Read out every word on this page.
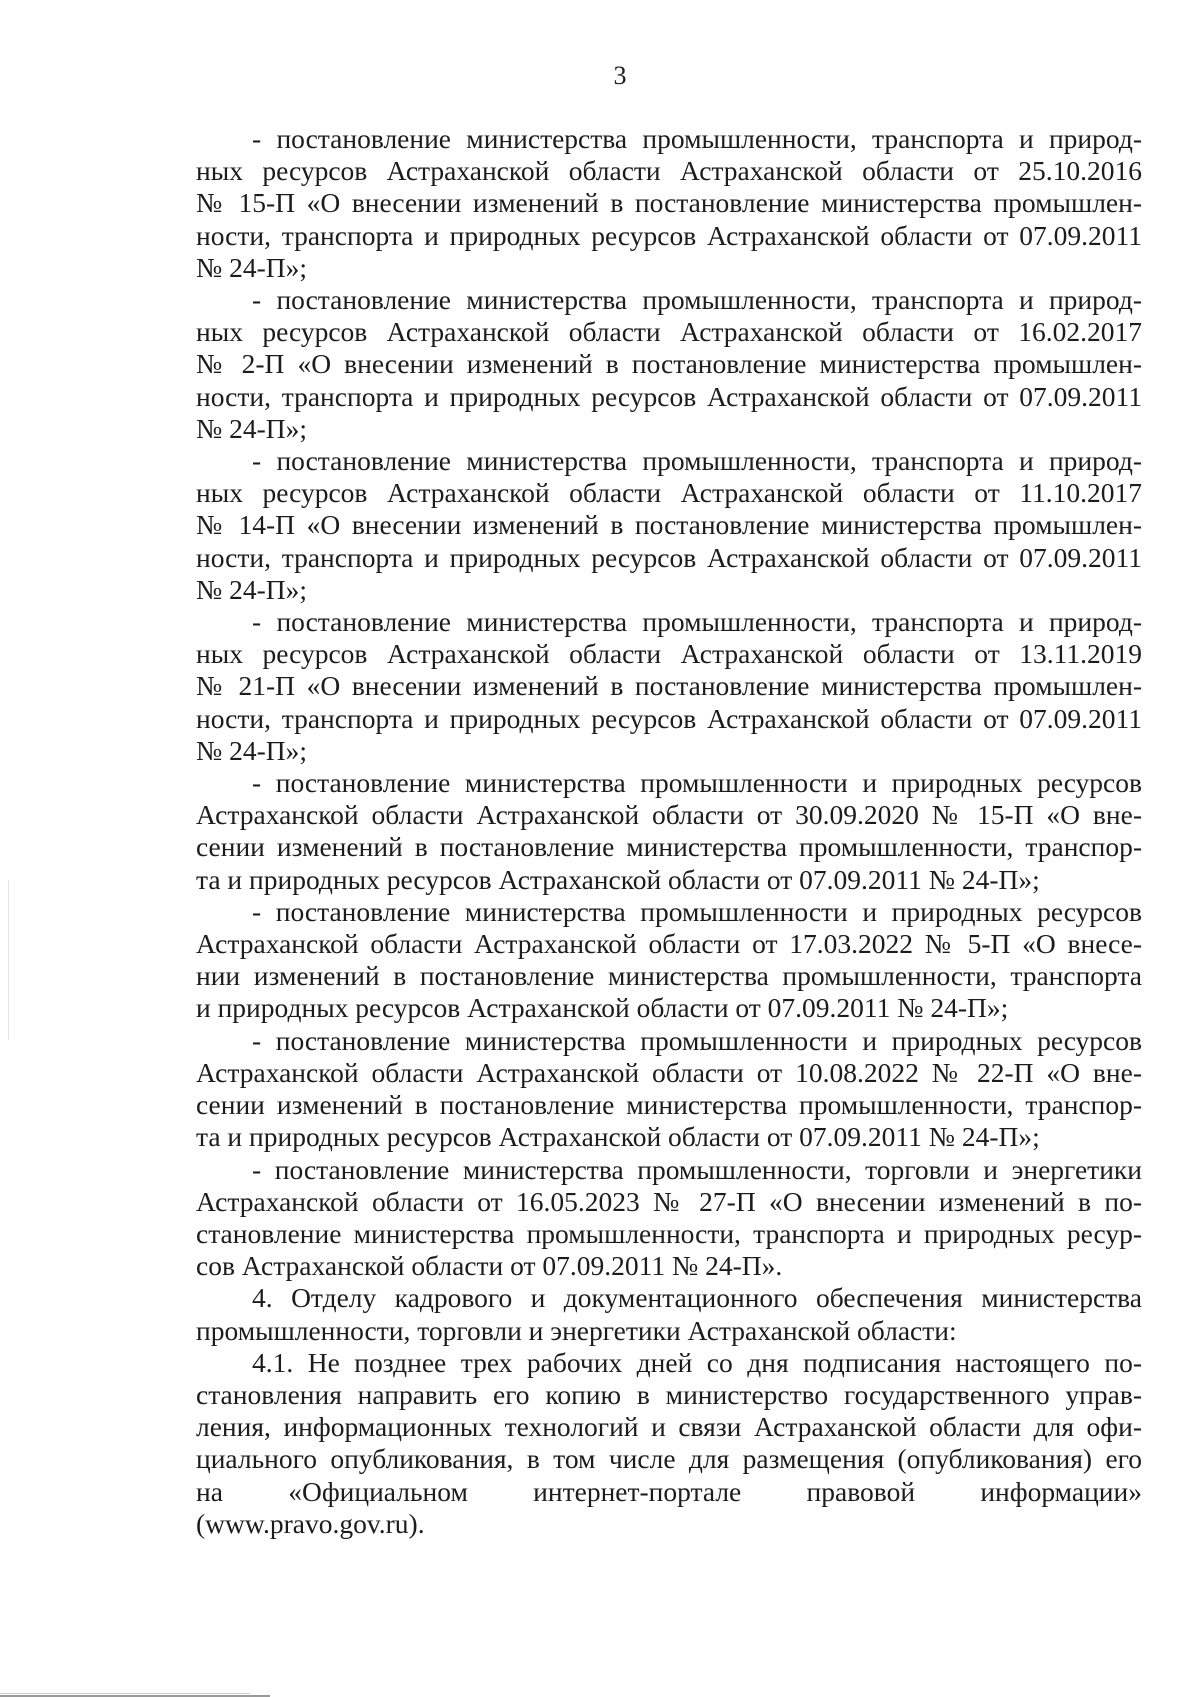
3
- постановление министерства промышленности, транспорта и природ-
ных ресурсов Астраханской области Астраханской области от 25.10.2016
№ 15-П «О внесении изменений в постановление министерства промышлен-
ности, транспорта и природных ресурсов Астраханской области от 07.09.2011
№ 24-П»;
- постановление министерства промышленности, транспорта и природ-
ных ресурсов Астраханской области Астраханской области от 16.02.2017
№ 2-П «О внесении изменений в постановление министерства промышлен-
ности, транспорта и природных ресурсов Астраханской области от 07.09.2011
№ 24-П»;
- постановление министерства промышленности, транспорта и природ-
ных ресурсов Астраханской области Астраханской области от 11.10.2017
№ 14-П «О внесении изменений в постановление министерства промышлен-
ности, транспорта и природных ресурсов Астраханской области от 07.09.2011
№ 24-П»;
- постановление министерства промышленности, транспорта и природ-
ных ресурсов Астраханской области Астраханской области от 13.11.2019
№ 21-П «О внесении изменений в постановление министерства промышлен-
ности, транспорта и природных ресурсов Астраханской области от 07.09.2011
№ 24-П»;
- постановление министерства промышленности и природных ресурсов
Астраханской области Астраханской области от 30.09.2020 № 15-П «О вне-
сении изменений в постановление министерства промышленности, транспор-
та и природных ресурсов Астраханской области от 07.09.2011 № 24-П»;
- постановление министерства промышленности и природных ресурсов
Астраханской области Астраханской области от 17.03.2022 № 5-П «О внесе-
нии изменений в постановление министерства промышленности, транспорта
и природных ресурсов Астраханской области от 07.09.2011 № 24-П»;
- постановление министерства промышленности и природных ресурсов
Астраханской области Астраханской области от 10.08.2022 № 22-П «О вне-
сении изменений в постановление министерства промышленности, транспор-
та и природных ресурсов Астраханской области от 07.09.2011 № 24-П»;
- постановление министерства промышленности, торговли и энергетики
Астраханской области от 16.05.2023 № 27-П «О внесении изменений в по-
становление министерства промышленности, транспорта и природных ресур-
сов Астраханской области от 07.09.2011 № 24-П».
4. Отделу кадрового и документационного обеспечения министерства
промышленности, торговли и энергетики Астраханской области:
4.1. Не позднее трех рабочих дней со дня подписания настоящего по-
становления направить его копию в министерство государственного управ-
ления, информационных технологий и связи Астраханской области для офи-
циального опубликования, в том числе для размещения (опубликования) его
на «Официальном интернет-портале правовой информации»
(www.pravo.gov.ru).
